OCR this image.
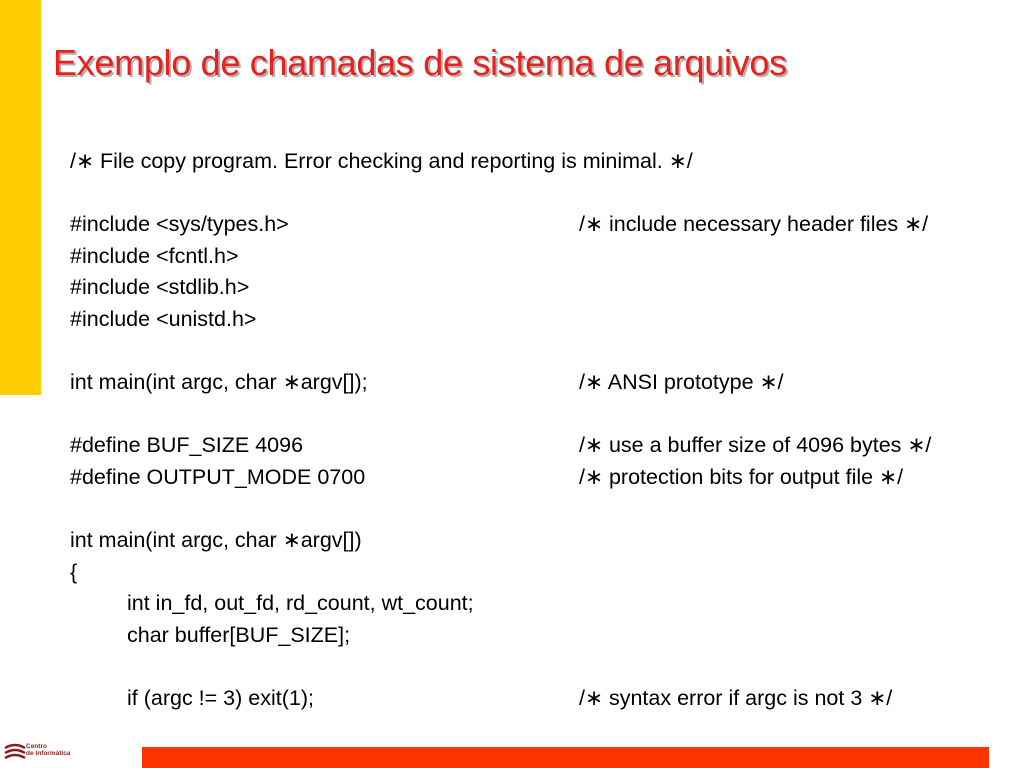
Exemplo de chamadas de sistema de arquivos
/∗ File copy program. Error checking and reporting is minimal. ∗/
#include <sys/types.h>	/∗ include necessary header files ∗/
#include <fcntl.h>
#include <stdlib.h>
#include <unistd.h>
int main(int argc, char ∗argv[]);	/∗ ANSI prototype ∗/
#define BUF_SIZE 4096	/∗ use a buffer size of 4096 bytes ∗/
#define OUTPUT_MODE 0700	/∗ protection bits for output file ∗/
int main(int argc, char ∗argv[])
{
int in_fd, out_fd, rd_count, wt_count;
char buffer[BUF_SIZE];
if (argc != 3) exit(1);	/∗ syntax error if argc is not 3 ∗/
Centro
de Informática
